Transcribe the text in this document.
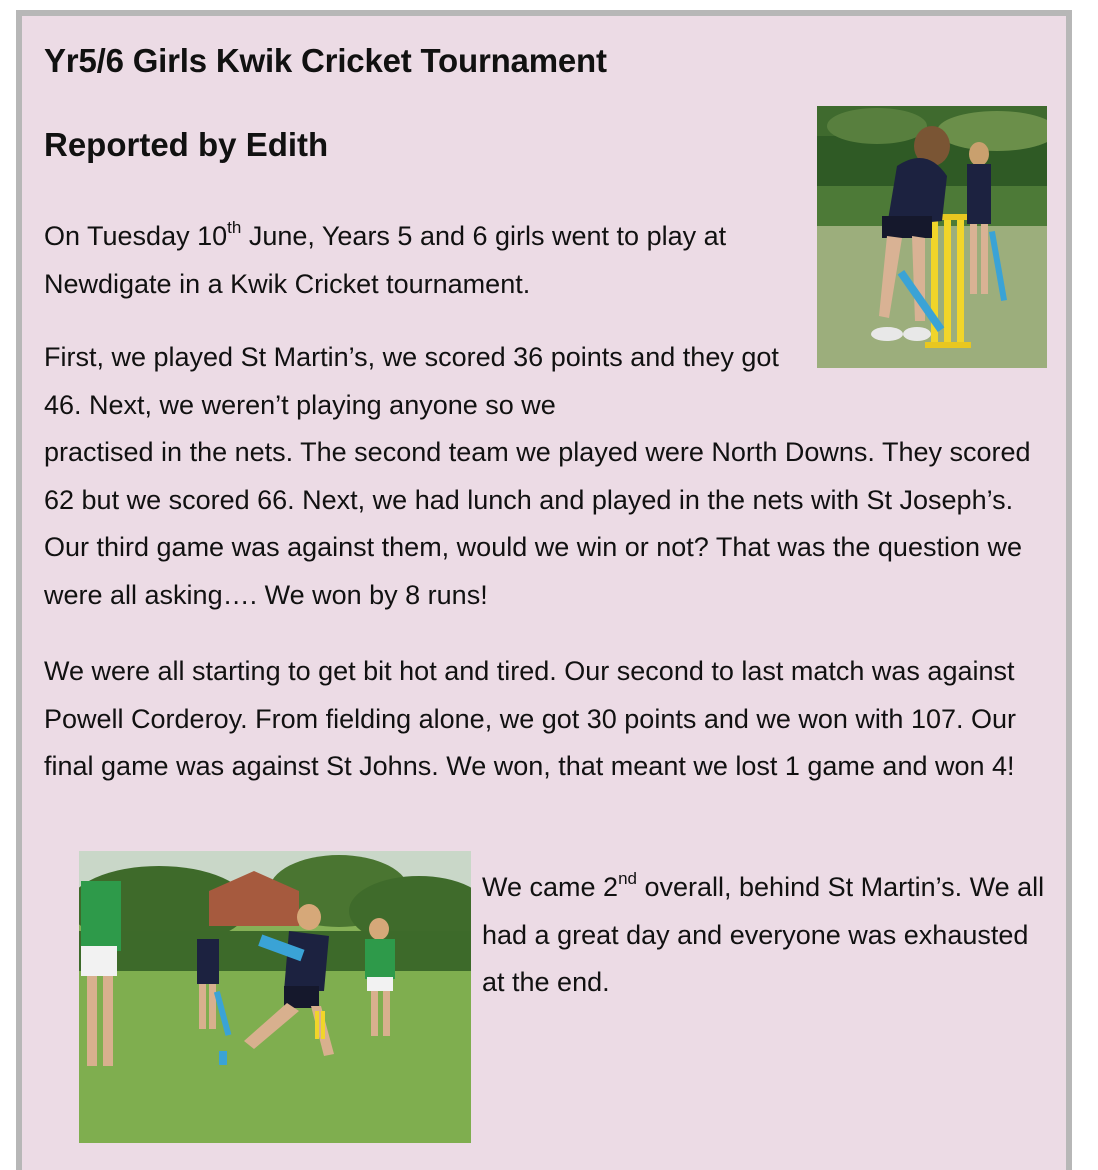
Yr5/6 Girls Kwik Cricket Tournament
Reported by Edith

On Tuesday 10th June, Years 5 and 6 girls went to play at Newdigate in a Kwik Cricket tournament.

First, we played St Martin’s, we scored 36 points and they got 46. Next, we weren’t playing anyone so we
practised in the nets. The second team we played were North Downs. They scored 62 but we scored 66. Next, we had lunch and played in the nets with St Joseph’s. Our third game was against them, would we win or not? That was the question we were all asking…. We won by 8 runs!

We were all starting to get bit hot and tired. Our second to last match was against Powell Corderoy. From fielding alone, we got 30 points and we won with 107. Our final game was against St Johns. We won, that meant we lost 1 game and won 4!

We came 2nd overall, behind St Martin’s. We all had a great day and everyone was exhausted at the end.
